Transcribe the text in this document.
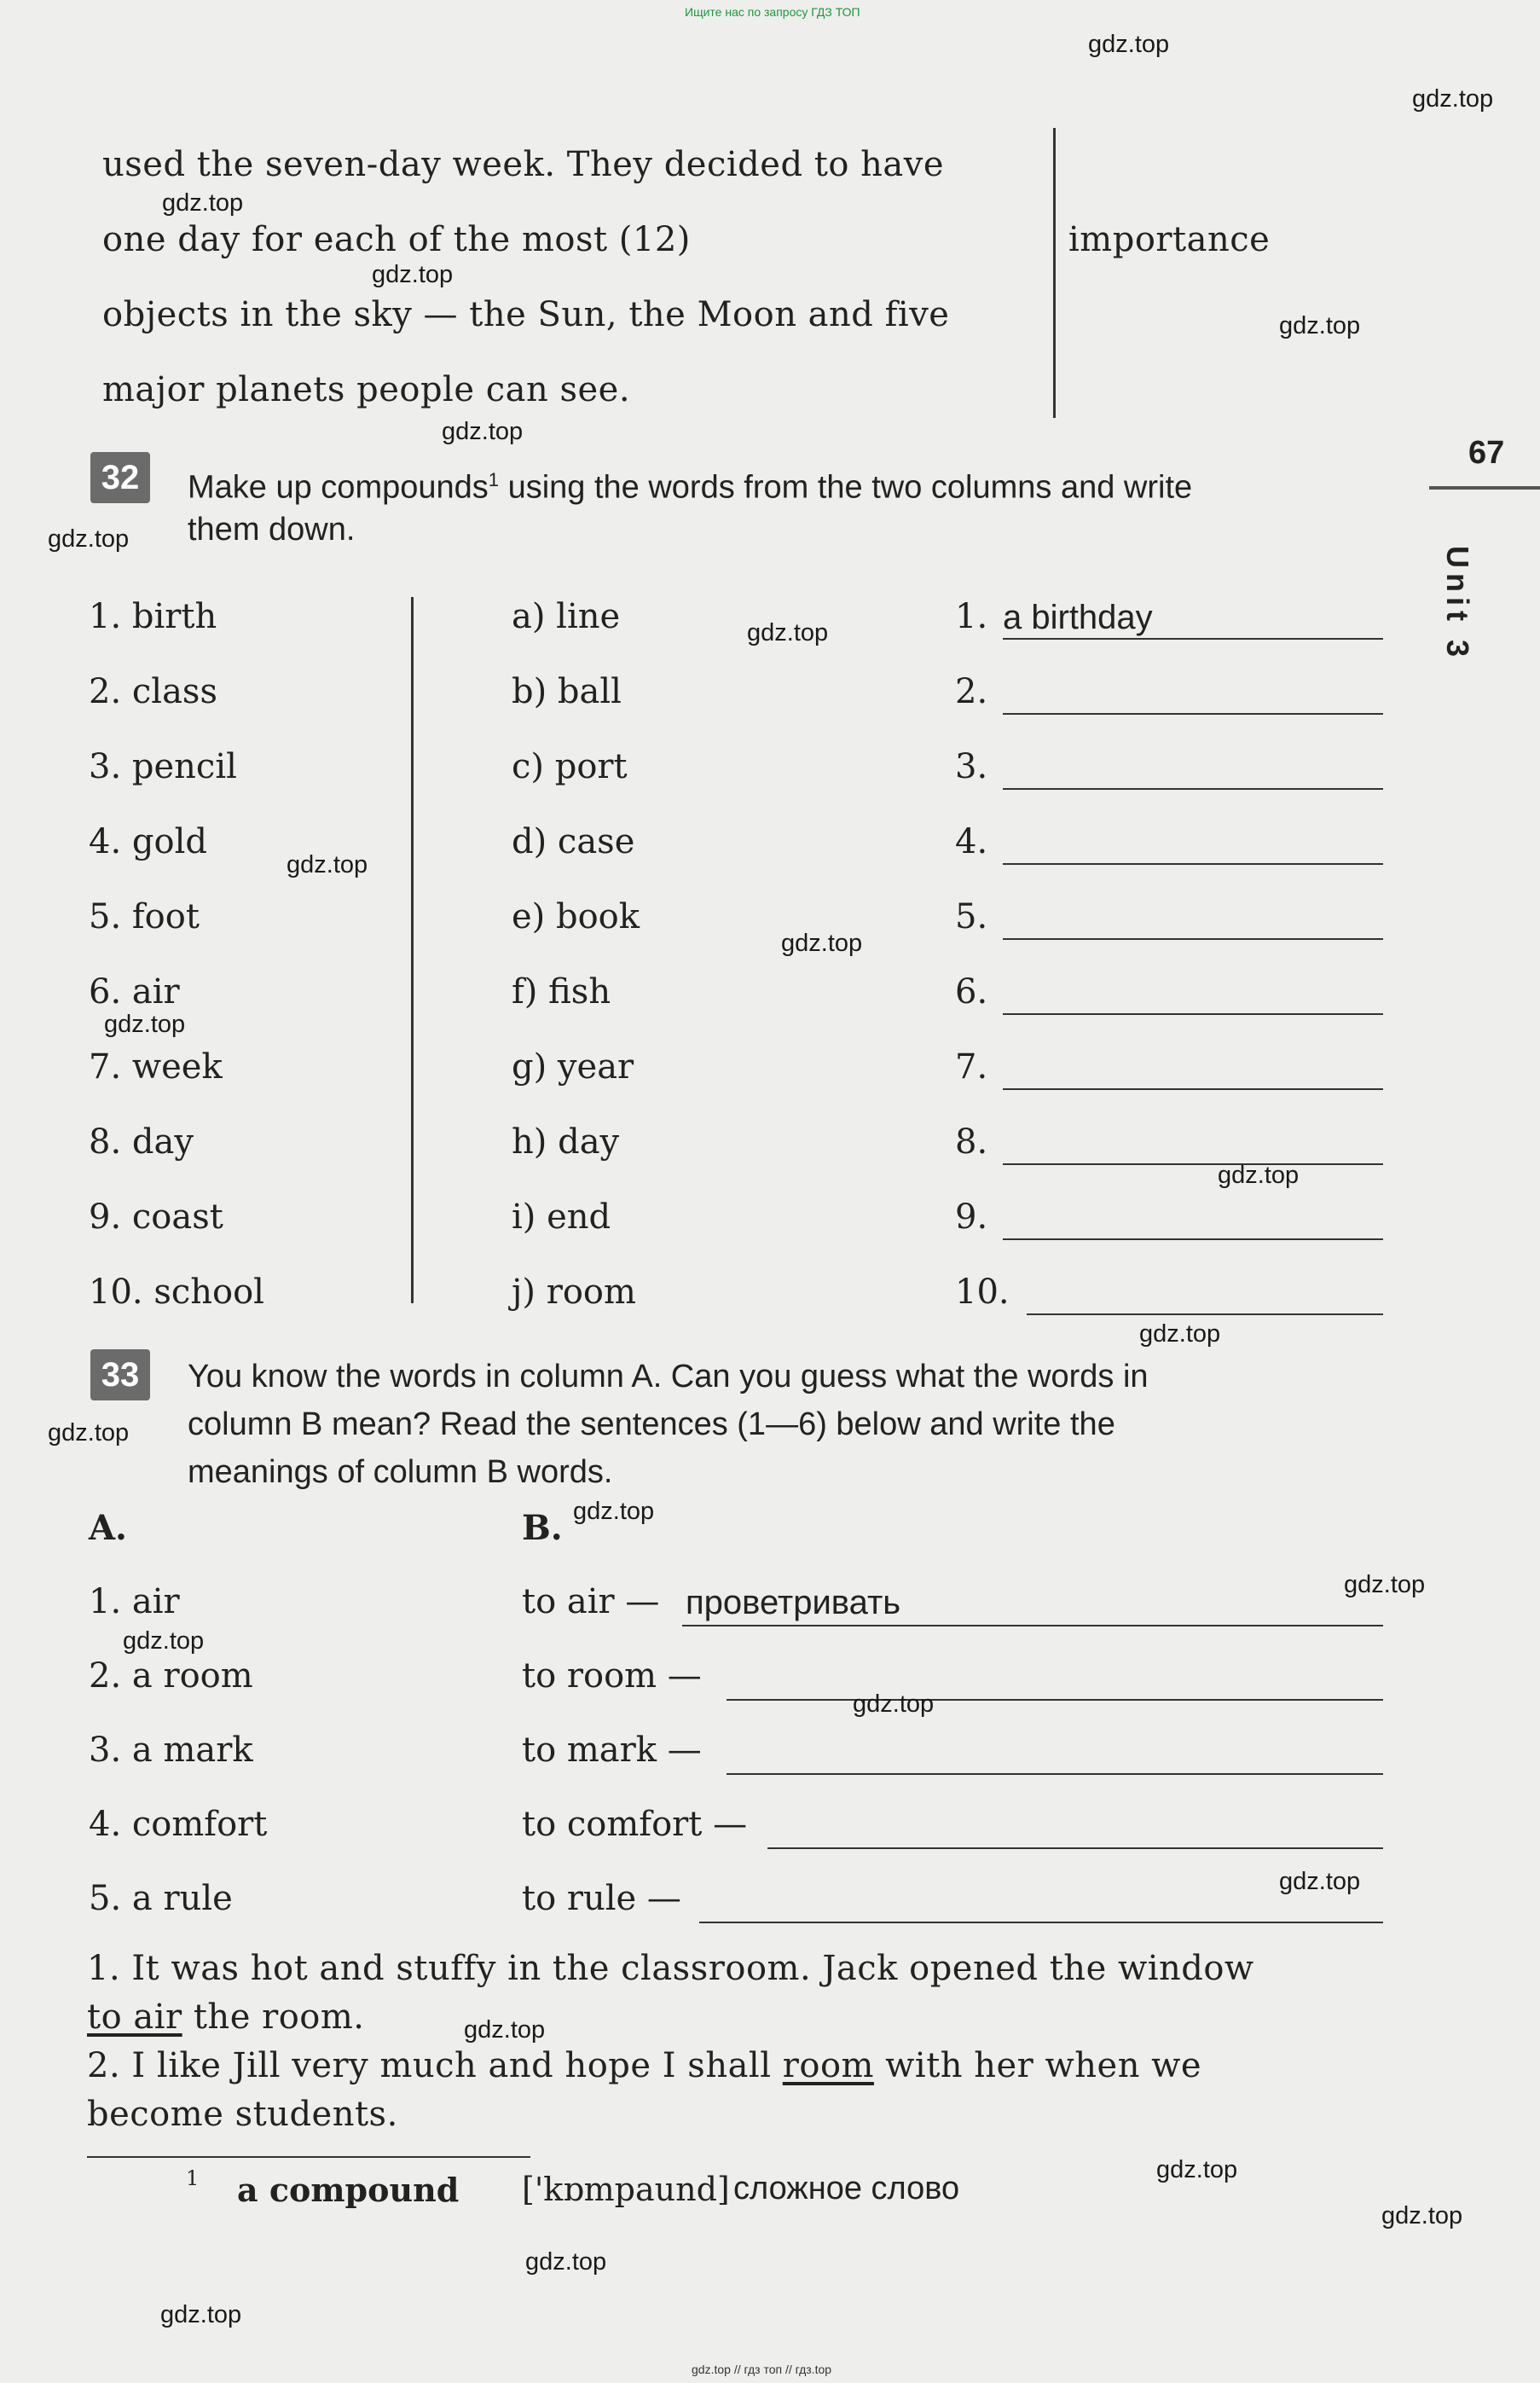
Ищите нас по запросу ГДЗ ТОП
gdz.top // гдз топ // гдз.top
67
Unit 3
used the seven-day week. They decided to have
one day for each of the most (12)
objects in the sky — the Sun, the Moon and five
major planets people can see.
importance
32	Make up compounds$^1$ using the words from the two columns and write
them down.
1. birth	a) line	1. a birthday
2. class	b) ball	2.
3. pencil	c) port	3.
4. gold	d) case	4.
5. foot	e) book	5.
6. air	f) fish	6.
7. week	g) year	7.
8. day	h) day	8.
9. coast	i) end	9.
10. school	j) room	10.
33	You know the words in column A. Can you guess what the words in
column B mean? Read the sentences (1—6) below and write the
meanings of column B words.
A.	B.
1. air	to air — проветривать
2. a room	to room —
3. a mark	to mark —
4. comfort	to comfort —
5. a rule	to rule —
1. It was hot and stuffy in the classroom. Jack opened the window
to air the room.
2. I like Jill very much and hope I shall room with her when we
become students.
1 a compound ['kɒmpaund] сложное слово
gdz.top
gdz.top
gdz.top
gdz.top
gdz.top
gdz.top
gdz.top
gdz.top
gdz.top
gdz.top
gdz.top
gdz.top
gdz.top
gdz.top
gdz.top
gdz.top
gdz.top
gdz.top
gdz.top
gdz.top
gdz.top
gdz.top
gdz.top
gdz.top
